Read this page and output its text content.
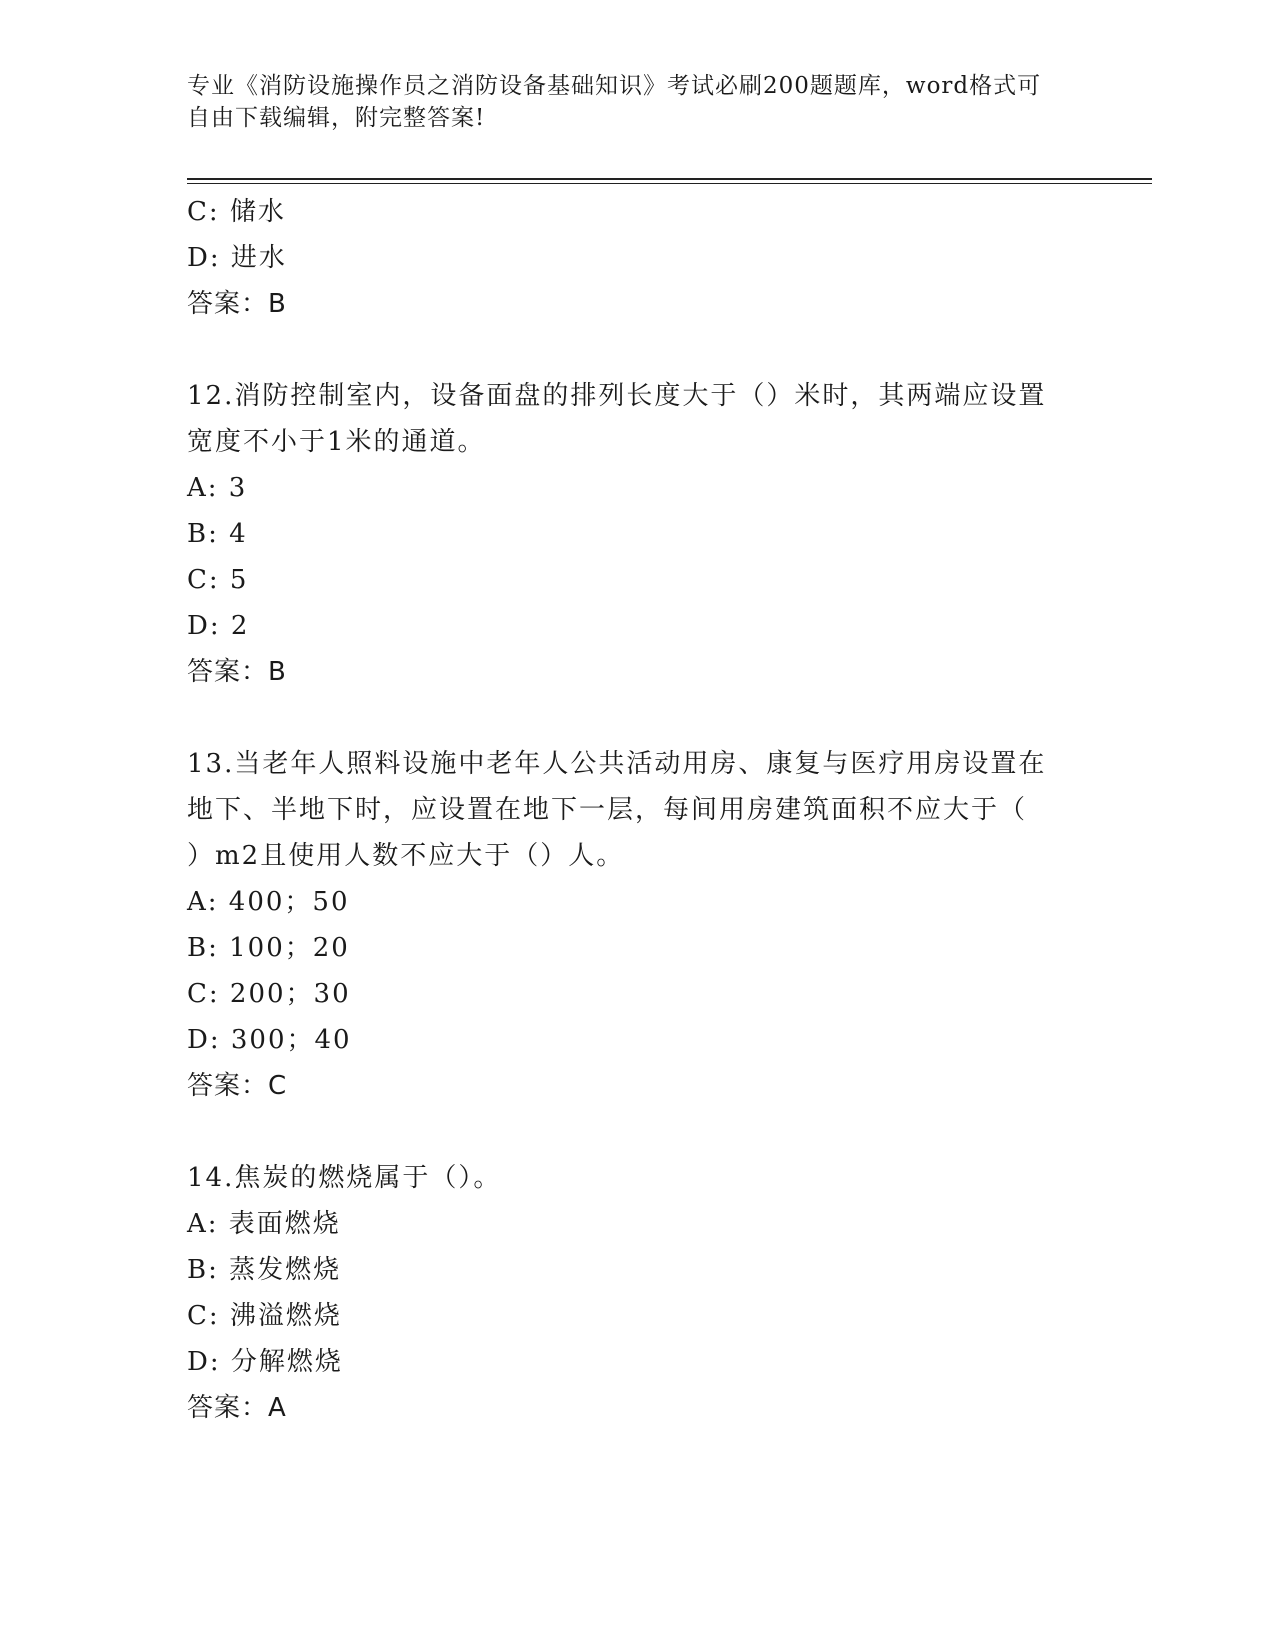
专业《消防设施操作员之消防设备基础知识》考试必刷200题题库，word格式可
自由下载编辑，附完整答案!
C: 储水
D: 进水
答案：B
12.消防控制室内，设备面盘的排列长度大于（）米时，其两端应设置
宽度不小于1米的通道。
A: 3
B: 4
C: 5
D: 2
答案：B
13.当老年人照料设施中老年人公共活动用房、康复与医疗用房设置在
地下、半地下时，应设置在地下一层，每间用房建筑面积不应大于（
）m2且使用人数不应大于（）人。
A: 400；50
B: 100；20
C: 200；30
D: 300；40
答案：C
14.焦炭的燃烧属于（）。
A: 表面燃烧
B: 蒸发燃烧
C: 沸溢燃烧
D: 分解燃烧
答案：A
